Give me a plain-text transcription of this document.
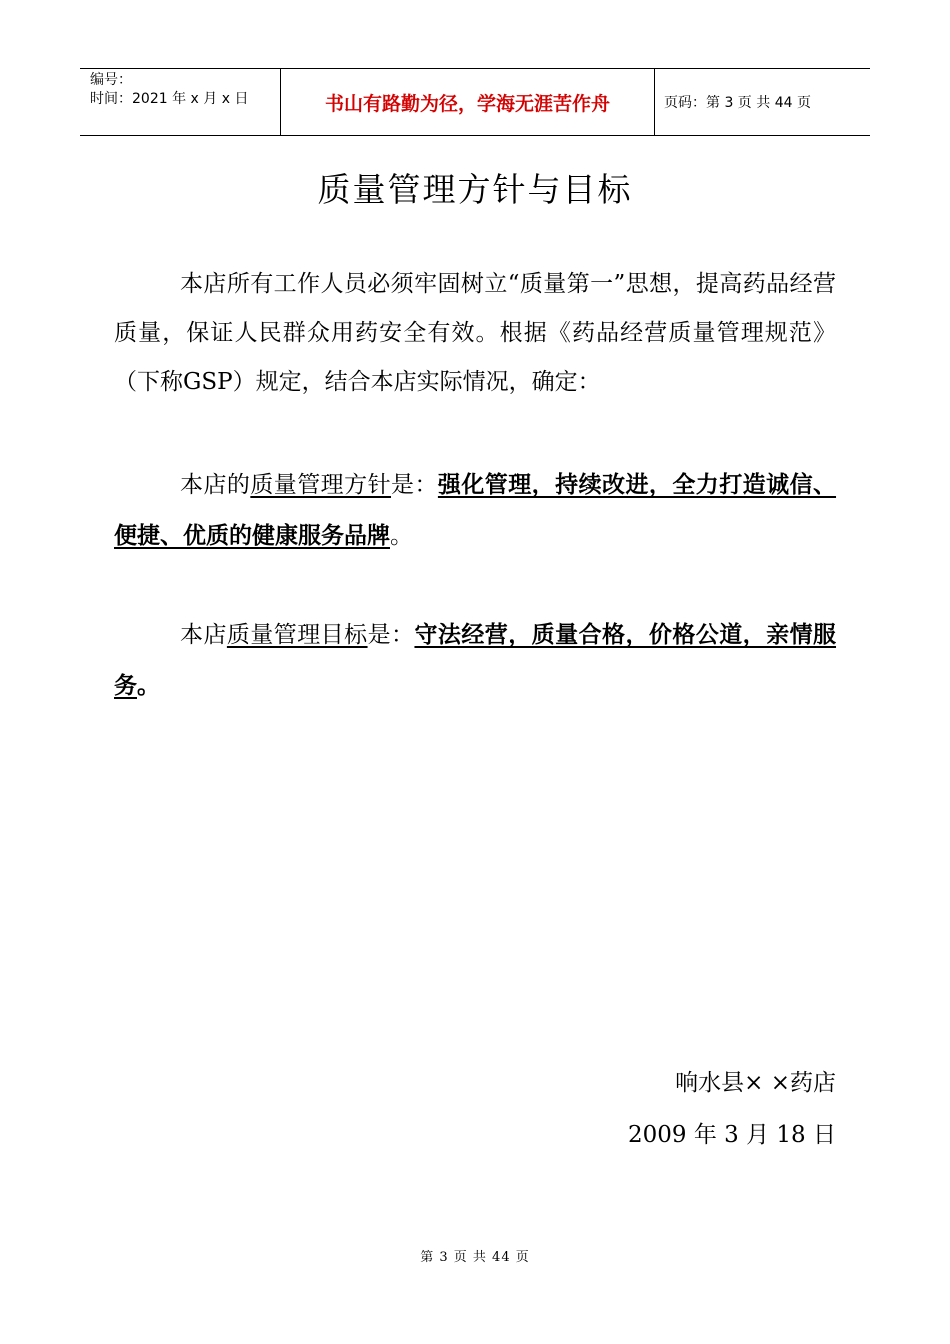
编号：
时间：2021 年 x 月 x 日	书山有路勤为径，学海无涯苦作舟	页码：第 3 页 共 44 页
质量管理方针与目标
本店所有工作人员必须牢固树立“质量第一”思想，提高药品经营质量，保证人民群众用药安全有效。根据《药品经营质量管理规范》（下称GSP）规定，结合本店实际情况，确定：
本店的质量管理方针是：强化管理，持续改进，全力打造诚信、便捷、优质的健康服务品牌。
本店质量管理目标是：守法经营，质量合格，价格公道，亲情服务。
响水县× ×药店
2009 年 3 月 18 日
第 3 页 共 44 页
